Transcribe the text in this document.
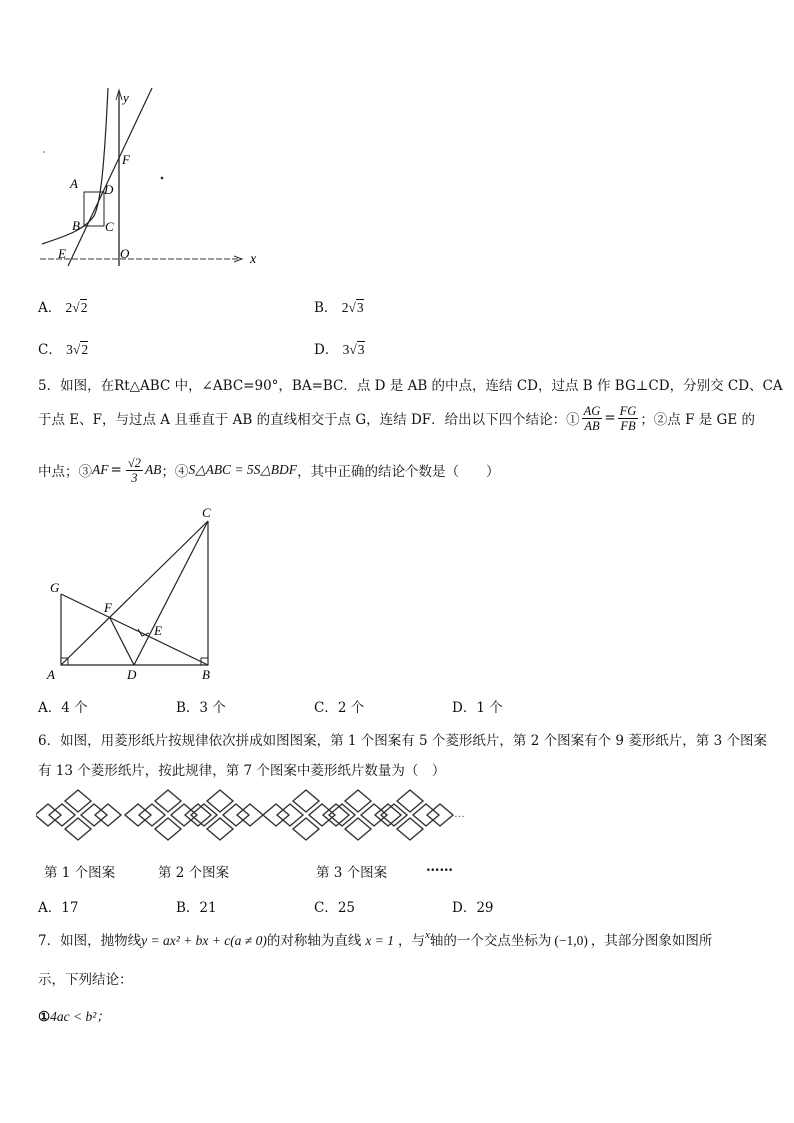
y
F
A D
B C
E	O	x
A． 2√2	B． 2√3
C． 3√2	D． 3√3
5．如图，在Rt△ABC 中，∠ABC=90°，BA=BC．点 D 是 AB 的中点，连结 CD，过点 B 作 BG⊥CD，分别交 CD、CA
于点 E、F，与过点 A 且垂直于 AB 的直线相交于点 G，连结 DF．给出以下四个结论：① $\frac{AG}{AB} = \frac{FG}{FB}$ ；②点 F 是 GE 的
中点；③ AF = $\frac{√2}{3}$ AB ；④ S△ABC = 5S△BDF ，其中正确的结论个数是（　　）
C
G
F
E
A	D	B
A．4 个	B．3 个	C．2 个	D．1 个
6．如图，用菱形纸片按规律依次拼成如图图案，第 1 个图案有 5 个菱形纸片，第 2 个图案有个 9 菱形纸片，第 3 个图案
有 13 个菱形纸片，按此规律，第 7 个图案中菱形纸片数量为（　）
…
第 1 个图案	第 2 个图案	第 3 个图案	……
A．17	B．21	C．25	D．29
7．如图，抛物线y = ax² + bx + c(a ≠ 0)的对称轴为直线 x = 1 ，与$^x$轴的一个交点坐标为 (−1,0) ，其部分图象如图所
示，下列结论：
①4ac < b²；
